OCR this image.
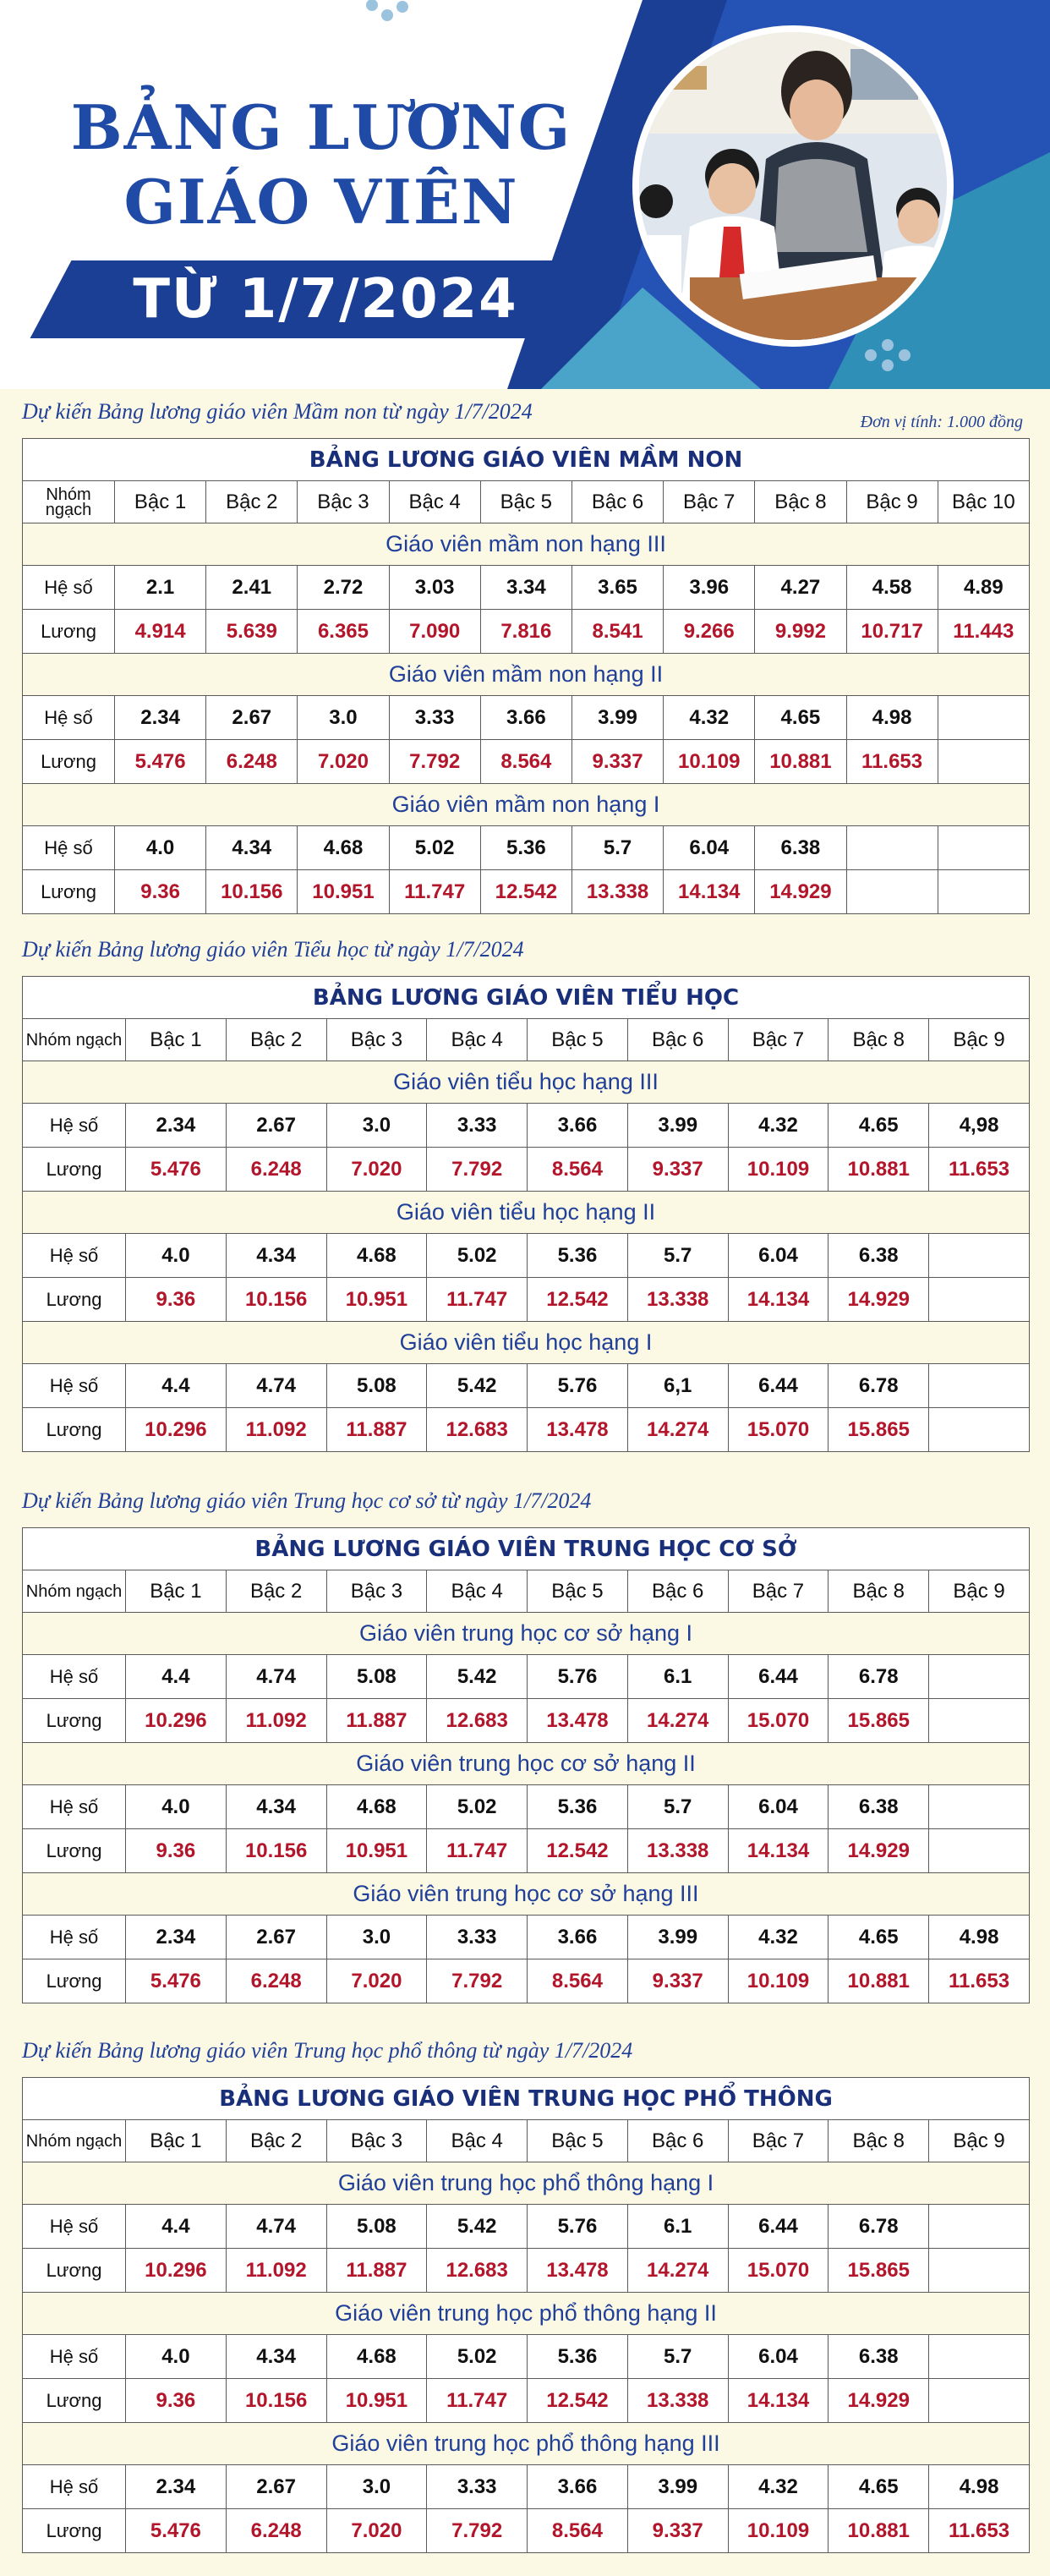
BẢNG LƯƠNG
GIÁO VIÊN
TỪ 1/7/2024
Dự kiến Bảng lương giáo viên Mầm non từ ngày 1/7/2024	Đơn vị tính: 1.000 đồng
BẢNG LƯƠNG GIÁO VIÊN MẦM NON										
Nhóm ngạch	Bậc 1	Bậc 2	Bậc 3	Bậc 4	Bậc 5	Bậc 6	Bậc 7	Bậc 8	Bậc 9	Bậc 10
Giáo viên mầm non hạng III										
Hệ số	2.1	2.41	2.72	3.03	3.34	3.65	3.96	4.27	4.58	4.89
Lương	4.914	5.639	6.365	7.090	7.816	8.541	9.266	9.992	10.717	11.443
Giáo viên mầm non hạng II										
Hệ số	2.34	2.67	3.0	3.33	3.66	3.99	4.32	4.65	4.98	
Lương	5.476	6.248	7.020	7.792	8.564	9.337	10.109	10.881	11.653	
Giáo viên mầm non hạng I										
Hệ số	4.0	4.34	4.68	5.02	5.36	5.7	6.04	6.38		
Lương	9.36	10.156	10.951	11.747	12.542	13.338	14.134	14.929		
Dự kiến Bảng lương giáo viên Tiểu học từ ngày 1/7/2024
BẢNG LƯƠNG GIÁO VIÊN TIỂU HỌC									
Nhóm ngạch	Bậc 1	Bậc 2	Bậc 3	Bậc 4	Bậc 5	Bậc 6	Bậc 7	Bậc 8	Bậc 9
Giáo viên tiểu học hạng III									
Hệ số	2.34	2.67	3.0	3.33	3.66	3.99	4.32	4.65	4,98
Lương	5.476	6.248	7.020	7.792	8.564	9.337	10.109	10.881	11.653
Giáo viên tiểu học hạng II									
Hệ số	4.0	4.34	4.68	5.02	5.36	5.7	6.04	6.38	
Lương	9.36	10.156	10.951	11.747	12.542	13.338	14.134	14.929	
Giáo viên tiểu học hạng I									
Hệ số	4.4	4.74	5.08	5.42	5.76	6,1	6.44	6.78	
Lương	10.296	11.092	11.887	12.683	13.478	14.274	15.070	15.865	
Dự kiến Bảng lương giáo viên Trung học cơ sở từ ngày 1/7/2024
BẢNG LƯƠNG GIÁO VIÊN TRUNG HỌC CƠ SỞ									
Nhóm ngạch	Bậc 1	Bậc 2	Bậc 3	Bậc 4	Bậc 5	Bậc 6	Bậc 7	Bậc 8	Bậc 9
Giáo viên trung học cơ sở hạng I									
Hệ số	4.4	4.74	5.08	5.42	5.76	6.1	6.44	6.78	
Lương	10.296	11.092	11.887	12.683	13.478	14.274	15.070	15.865	
Giáo viên trung học cơ sở hạng II									
Hệ số	4.0	4.34	4.68	5.02	5.36	5.7	6.04	6.38	
Lương	9.36	10.156	10.951	11.747	12.542	13.338	14.134	14.929	
Giáo viên trung học cơ sở hạng III									
Hệ số	2.34	2.67	3.0	3.33	3.66	3.99	4.32	4.65	4.98
Lương	5.476	6.248	7.020	7.792	8.564	9.337	10.109	10.881	11.653
Dự kiến Bảng lương giáo viên Trung học phổ thông từ ngày 1/7/2024
BẢNG LƯƠNG GIÁO VIÊN TRUNG HỌC PHỔ THÔNG									
Nhóm ngạch	Bậc 1	Bậc 2	Bậc 3	Bậc 4	Bậc 5	Bậc 6	Bậc 7	Bậc 8	Bậc 9
Giáo viên trung học phổ thông hạng I									
Hệ số	4.4	4.74	5.08	5.42	5.76	6.1	6.44	6.78	
Lương	10.296	11.092	11.887	12.683	13.478	14.274	15.070	15.865	
Giáo viên trung học phổ thông hạng II									
Hệ số	4.0	4.34	4.68	5.02	5.36	5.7	6.04	6.38	
Lương	9.36	10.156	10.951	11.747	12.542	13.338	14.134	14.929	
Giáo viên trung học phổ thông hạng III									
Hệ số	2.34	2.67	3.0	3.33	3.66	3.99	4.32	4.65	4.98
Lương	5.476	6.248	7.020	7.792	8.564	9.337	10.109	10.881	11.653
